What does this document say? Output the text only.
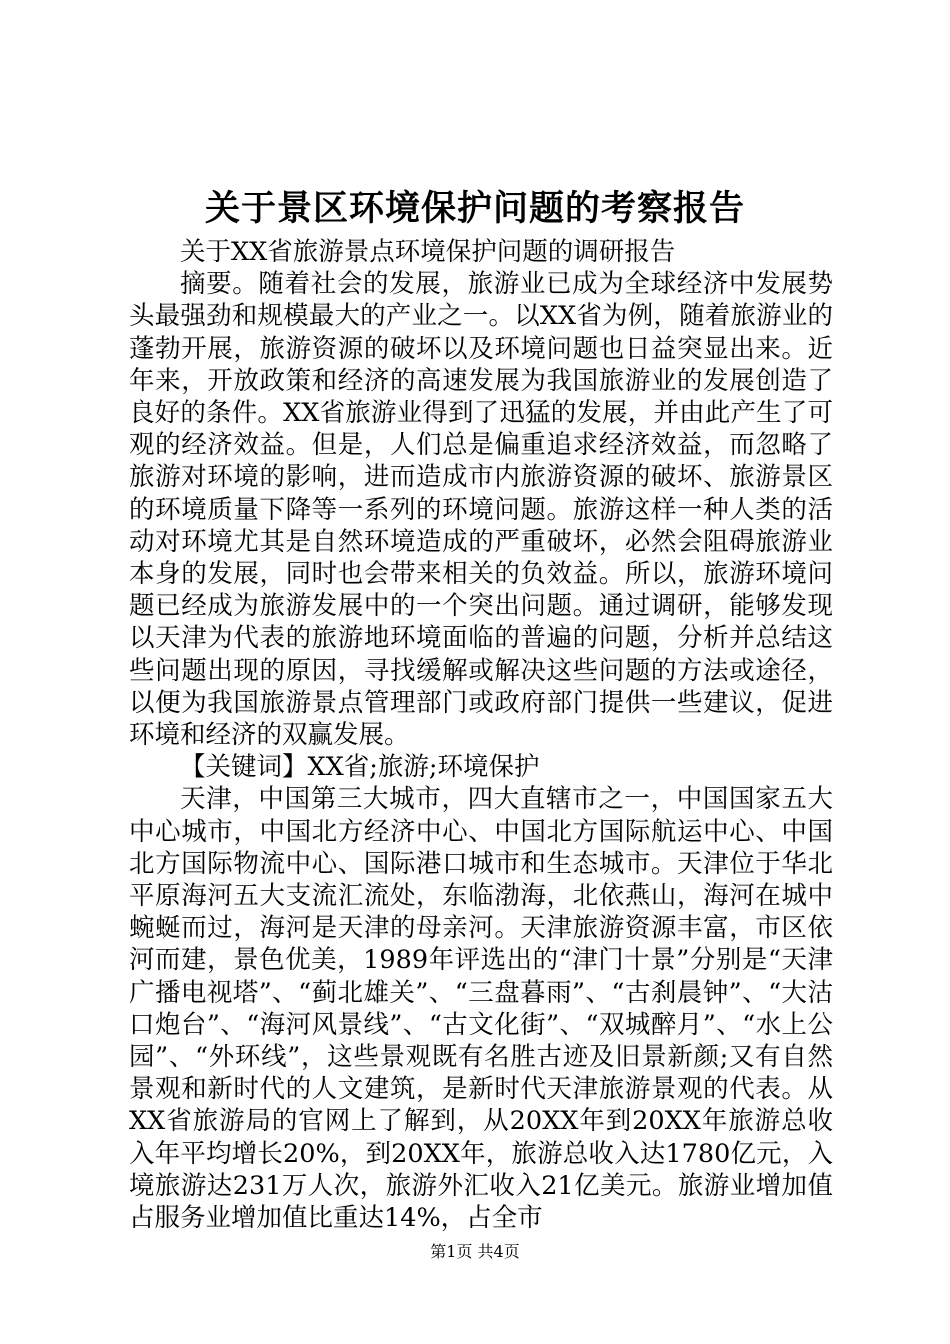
关于景区环境保护问题的考察报告

关于XX省旅游景点环境保护问题的调研报告

摘要。随着社会的发展，旅游业已成为全球经济中发展势头最强劲和规模最大的产业之一。以XX省为例，随着旅游业的蓬勃开展，旅游资源的破坏以及环境问题也日益突显出来。近年来，开放政策和经济的高速发展为我国旅游业的发展创造了良好的条件。XX省旅游业得到了迅猛的发展，并由此产生了可观的经济效益。但是，人们总是偏重追求经济效益，而忽略了旅游对环境的影响，进而造成市内旅游资源的破坏、旅游景区的环境质量下降等一系列的环境问题。旅游这样一种人类的活动对环境尤其是自然环境造成的严重破坏，必然会阻碍旅游业本身的发展，同时也会带来相关的负效益。所以，旅游环境问题已经成为旅游发展中的一个突出问题。通过调研，能够发现以天津为代表的旅游地环境面临的普遍的问题，分析并总结这些问题出现的原因，寻找缓解或解决这些问题的方法或途径，以便为我国旅游景点管理部门或政府部门提供一些建议，促进环境和经济的双赢发展。

【关键词】XX省;旅游;环境保护

天津，中国第三大城市，四大直辖市之一，中国国家五大中心城市，中国北方经济中心、中国北方国际航运中心、中国北方国际物流中心、国际港口城市和生态城市。天津位于华北平原海河五大支流汇流处，东临渤海，北依燕山，海河在城中蜿蜒而过，海河是天津的母亲河。天津旅游资源丰富，市区依河而建，景色优美，1989年评选出的“津门十景”分别是“天津广播电视塔”、“蓟北雄关”、“三盘暮雨”、“古刹晨钟”、“大沽口炮台”、“海河风景线”、“古文化街”、“双城醉月”、“水上公园”、“外环线”，这些景观既有名胜古迹及旧景新颜;又有自然景观和新时代的人文建筑，是新时代天津旅游景观的代表。从XX省旅游局的官网上了解到，从20XX年到20XX年旅游总收入年平均增长20%，到20XX年，旅游总收入达1780亿元，入境旅游达231万人次，旅游外汇收入21亿美元。旅游业增加值占服务业增加值比重达14%，占全市

第1页 共4页
